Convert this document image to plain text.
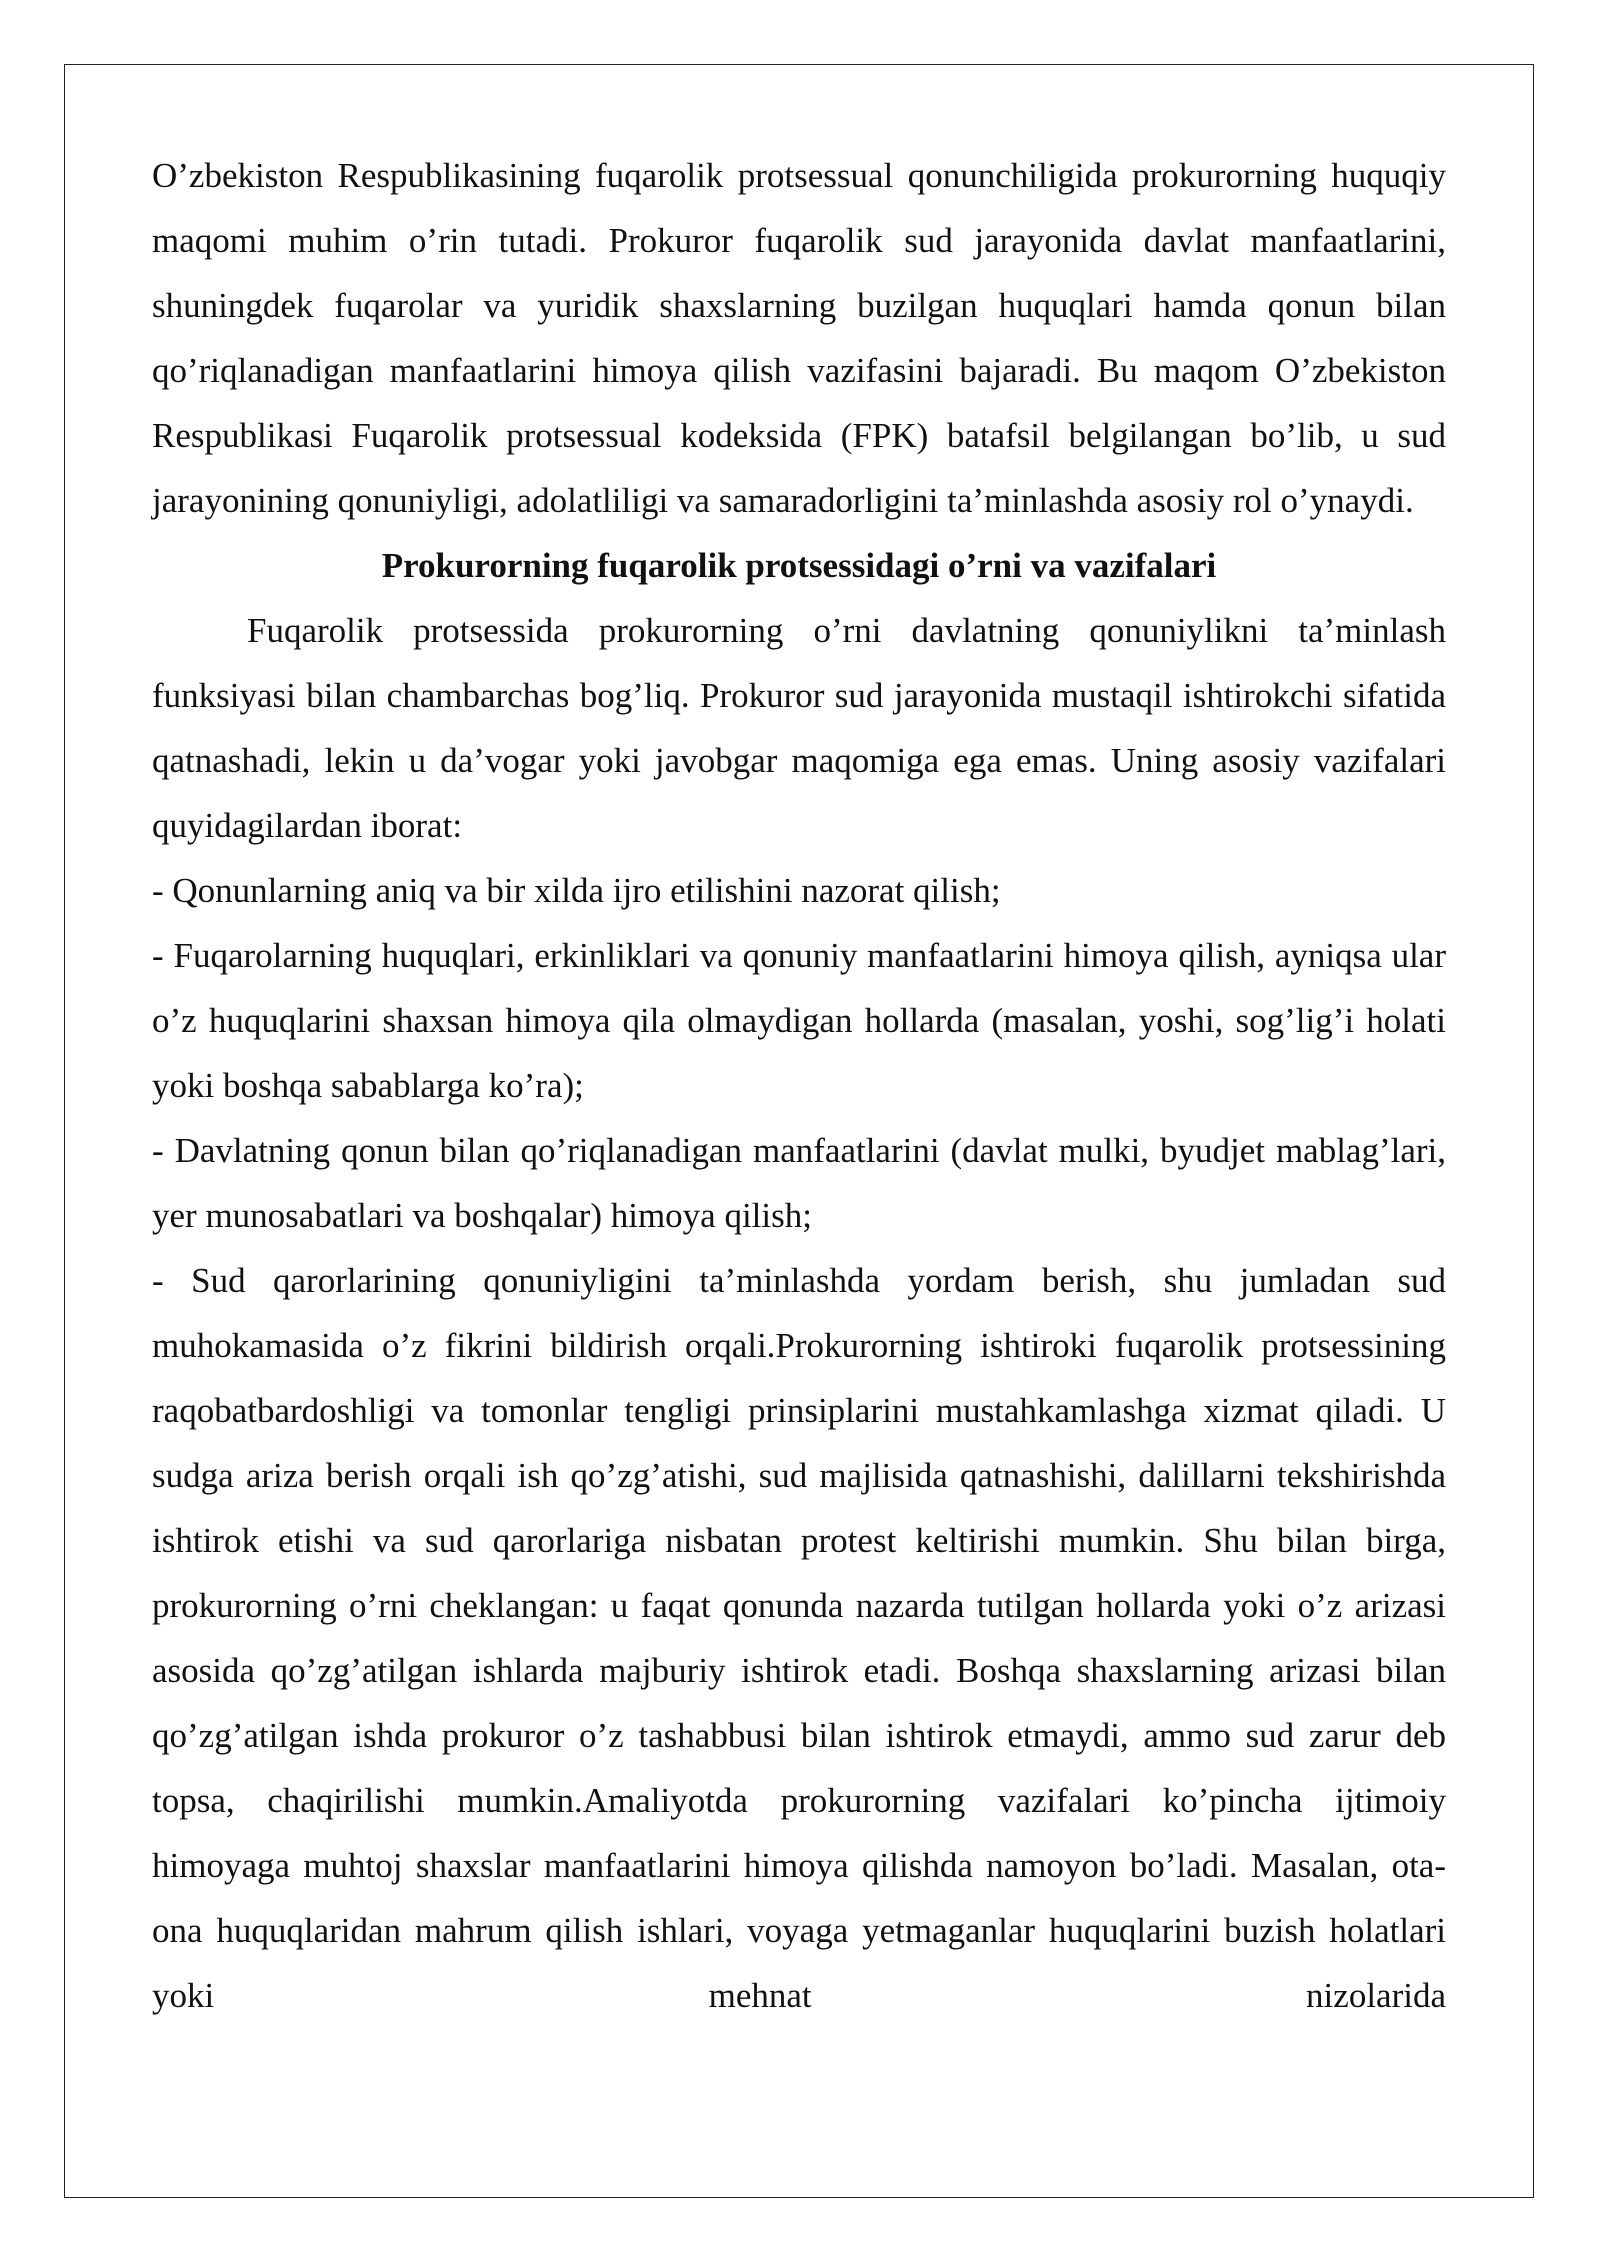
O’zbekiston Respublikasining fuqarolik protsessual qonunchiligida prokurorning huquqiy maqomi muhim o’rin tutadi. Prokuror fuqarolik sud jarayonida davlat manfaatlarini, shuningdek fuqarolar va yuridik shaxslarning buzilgan huquqlari hamda qonun bilan qo’riqlanadigan manfaatlarini himoya qilish vazifasini bajaradi. Bu maqom O’zbekiston Respublikasi Fuqarolik protsessual kodeksida (FPK) batafsil belgilangan bo’lib, u sud jarayonining qonuniyligi, adolatliligi va samaradorligini ta’minlashda asosiy rol o’ynaydi.

Prokurorning fuqarolik protsessidagi o’rni va vazifalari

Fuqarolik protsessida prokurorning o’rni davlatning qonuniylikni ta’minlash funksiyasi bilan chambarchas bog’liq. Prokuror sud jarayonida mustaqil ishtirokchi sifatida qatnashadi, lekin u da’vogar yoki javobgar maqomiga ega emas. Uning asosiy vazifalari quyidagilardan iborat:

- Qonunlarning aniq va bir xilda ijro etilishini nazorat qilish;

- Fuqarolarning huquqlari, erkinliklari va qonuniy manfaatlarini himoya qilish, ayniqsa ular o’z huquqlarini shaxsan himoya qila olmaydigan hollarda (masalan, yoshi, sog’lig’i holati yoki boshqa sabablarga ko’ra);

- Davlatning qonun bilan qo’riqlanadigan manfaatlarini (davlat mulki, byudjet mablag’lari, yer munosabatlari va boshqalar) himoya qilish;

- Sud qarorlarining qonuniyligini ta’minlashda yordam berish, shu jumladan sud muhokamasida o’z fikrini bildirish orqali.Prokurorning ishtiroki fuqarolik protsessining raqobatbardoshligi va tomonlar tengligi prinsiplarini mustahkamlashga xizmat qiladi. U sudga ariza berish orqali ish qo’zg’atishi, sud majlisida qatnashishi, dalillarni tekshirishda ishtirok etishi va sud qarorlariga nisbatan protest keltirishi mumkin. Shu bilan birga, prokurorning o’rni cheklangan: u faqat qonunda nazarda tutilgan hollarda yoki o’z arizasi asosida qo’zg’atilgan ishlarda majburiy ishtirok etadi. Boshqa shaxslarning arizasi bilan qo’zg’atilgan ishda prokuror o’z tashabbusi bilan ishtirok etmaydi, ammo sud zarur deb topsa, chaqirilishi mumkin.Amaliyotda prokurorning vazifalari ko’pincha ijtimoiy himoyaga muhtoj shaxslar manfaatlarini himoya qilishda namoyon bo’ladi. Masalan, ota-ona huquqlaridan mahrum qilish ishlari, voyaga yetmaganlar huquqlarini buzish holatlari yoki mehnat nizolarida
